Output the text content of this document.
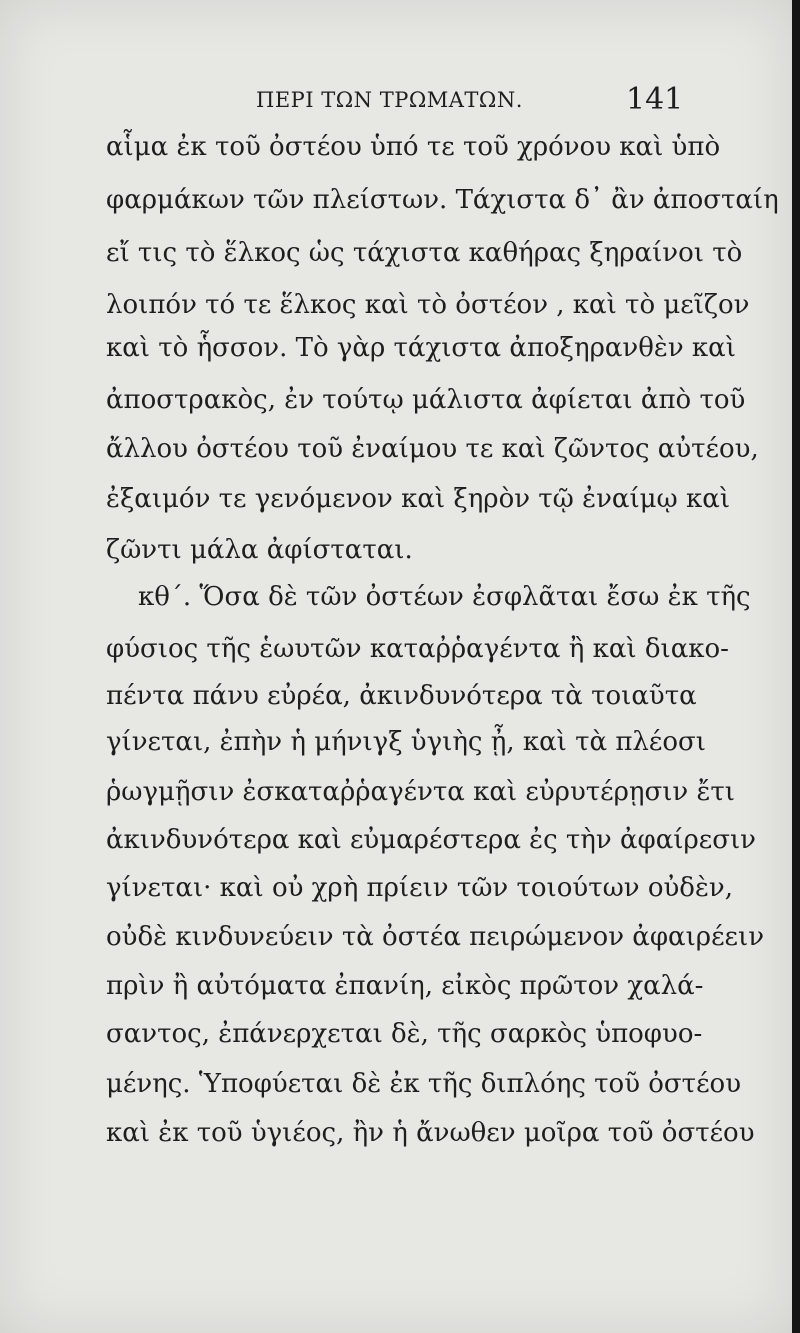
ΠΕΡΙ ΤΩΝ ΤΡΩΜΑΤΩΝ.	141
αἷμα ἐκ τοῦ ὀστέου ὑπό τε τοῦ χρόνου καὶ ὑπὸ
φαρμάκων τῶν πλείστων. Τάχιστα δ᾽ ἂν ἀποσταίη
εἴ τις τὸ ἕλκος ὡς τάχιστα καθήρας ξηραίνοι τὸ
λοιπόν τό τε ἕλκος καὶ τὸ ὀστέον , καὶ τὸ μεῖζον
καὶ τὸ ἧσσον. Τὸ γὰρ τάχιστα ἀποξηρανθὲν καὶ
ἀποστρακὸς, ἐν τούτῳ μάλιστα ἀφίεται ἀπὸ τοῦ
ἄλλου ὀστέου τοῦ ἐναίμου τε καὶ ζῶντος αὐτέου,
ἐξαιμόν τε γενόμενον καὶ ξηρὸν τῷ ἐναίμῳ καὶ
ζῶντι μάλα ἀφίσταται.
κθ΄. Ὅσα δὲ τῶν ὀστέων ἐσφλᾶται ἔσω ἐκ τῆς
φύσιος τῆς ἑωυτῶν καταῤῥαγέντα ἢ καὶ διακο-
πέντα πάνυ εὐρέα, ἀκινδυνότερα τὰ τοιαῦτα
γίνεται, ἐπὴν ἡ μήνιγξ ὑγιὴς ᾖ, καὶ τὰ πλέοσι
ῥωγμῇσιν ἐσκαταῤῥαγέντα καὶ εὐρυτέρῃσιν ἔτι
ἀκινδυνότερα καὶ εὐμαρέστερα ἐς τὴν ἀφαίρεσιν
γίνεται· καὶ οὐ χρὴ πρίειν τῶν τοιούτων οὐδὲν,
οὐδὲ κινδυνεύειν τὰ ὀστέα πειρώμενον ἀφαιρέειν
πρὶν ἢ αὐτόματα ἐπανίη, εἰκὸς πρῶτον χαλά-
σαντος, ἐπάνερχεται δὲ, τῆς σαρκὸς ὑποφυο-
μένης. Ὑποφύεται δὲ ἐκ τῆς διπλόης τοῦ ὀστέου
καὶ ἐκ τοῦ ὑγιέος, ἢν ἡ ἄνωθεν μοῖρα τοῦ ὀστέου
